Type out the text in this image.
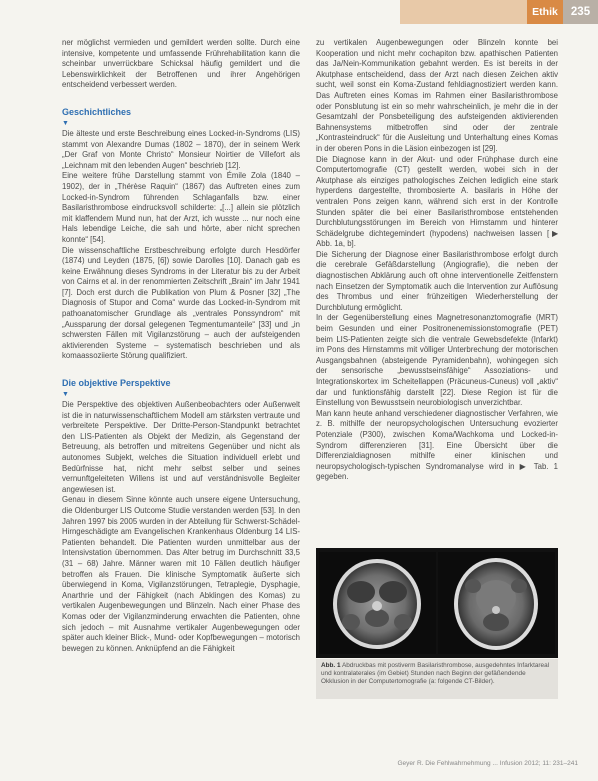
Ethik	235

ner möglichst vermieden und gemildert werden sollte. Durch eine intensive, kompetente und umfassende Frührehabilitation kann die scheinbar unverrückbare Schicksal häufig gemildert und die Lebenswirklichkeit der Betroffenen und ihrer Angehörigen entscheidend verbessert werden.

Geschichtliches
▼

Die älteste und erste Beschreibung eines Locked-in-Syndroms (LIS) stammt von Alexandre Dumas (1802 – 1870), der in seinem Werk „Der Graf von Monte Christo“ Monsieur Noirtier de Villefort als „Leichnam mit den lebenden Augen“ beschrieb [12].

Eine weitere frühe Darstellung stammt von Émile Zola (1840 – 1902), der in „Thérèse Raquin“ (1867) das Auftreten eines zum Locked-in-Syndrom führenden Schlaganfalls bzw. einer Basilaristhrombose eindrucksvoll schilderte: „[...] allein sie plötzlich mit klaffendem Mund nun, hat der Arzt, ich wusste ... nur noch eine Hals lebendige Leiche, die sah und hörte, aber nicht sprechen konnte“ [54].

Die wissenschaftliche Erstbeschreibung erfolgte durch Hesdörfer (1874) und Leyden (1875, [6]) sowie Darolles [10]. Danach gab es keine Erwähnung dieses Syndroms in der Literatur bis zu der Arbeit von Cairns et al. in der renommierten Zeitschrift „Brain“ im Jahr 1941 [7]. Doch erst durch die Publikation von Plum & Posner [32] „The Diagnosis of Stupor and Coma“ wurde das Locked-in-Syndrom mit pathoanatomischer Grundlage als „ventrales Ponssyndrom“ mit „Aussparung der dorsal gelegenen Tegmentumanteile“ [33] und „in schwersten Fällen mit Vigilanzstörung – auch der aufsteigenden aktivierenden Systeme – systematisch beschrieben und als komaassoziierte Störung qualifiziert.

Die objektive Perspektive
▼

Die Perspektive des objektiven Außenbeobachters oder Außenwelt ist die in naturwissenschaftlichem Modell am stärksten vertraute und verbreitete Perspektive. Der Dritte-Person-Standpunkt betrachtet den LIS-Patienten als Objekt der Medizin, als Gegenstand der Betreuung, als betroffen und mitreitens Gegenüber und nicht als autonomes Subjekt, welches die Situation individuell erlebt und Bedürfnisse hat, nicht mehr selbst selber und seines vernunftgeleiteten Willens ist und auf verständnisvolle Begleiter angewiesen ist.

Genau in diesem Sinne könnte auch unsere eigene Untersuchung, die Oldenburger LIS Outcome Studie verstanden werden [53]. In den Jahren 1997 bis 2005 wurden in der Abteilung für Schwerst-Schädel-Hirngeschädigte am Evangelischen Krankenhaus Oldenburg 14 LIS-Patienten behandelt. Die Patienten wurden unmittelbar aus der Intensivstation übernommen. Das Alter betrug im Durchschnitt 33,5 (31 – 68) Jahre. Männer waren mit 10 Fällen deutlich häufiger betroffen als Frauen. Die klinische Symptomatik äußerte sich überwiegend in Koma, Vigilanzstörungen, Tetraplegie, Dysphagie, Anarthrie und der Fähigkeit (nach Abklingen des Komas) zu vertikalen Augenbewegungen und Blinzeln. Nach einer Phase des Komas oder der Vigilanzminderung erwachten die Patienten, ohne sich jedoch – mit Ausnahme vertikaler Augenbewegungen oder später auch kleiner Blick-, Mund- oder Kopfbewegungen – motorisch bewegen zu können. Anknüpfend an die Fähigkeit

zu vertikalen Augenbewegungen oder Blinzeln konnte bei Kooperation und nicht mehr cochapiton bzw. apathischen Patienten das Ja/Nein-Kommunikation gebahnt werden. Es ist bereits in der Akutphase entscheidend, dass der Arzt nach diesen Zeichen aktiv sucht, weil sonst ein Koma-Zustand fehldiagnostiziert werden kann. Das Auftreten eines Komas im Rahmen einer Basilaristhrombose oder Ponsblutung ist ein so mehr wahrscheinlich, je mehr die in der Gesamtzahl der Ponsbeteiligung des aufsteigenden aktivierenden Bahnensystems mitbetroffen sind oder der zentrale „Kontrasteindruck“ für die Ausleitung und Unterhaltung eines Komas in der oberen Pons in die Läsion einbezogen ist [29].

Die Diagnose kann in der Akut- und oder Frühphase durch eine Computertomografie (CT) gestellt werden, wobei sich in der Akutphase als einziges pathologisches Zeichen lediglich eine stark hyperdens dargestellte, thrombosierte A. basilaris in Höhe der ventralen Pons zeigen kann, während sich erst in der Kontrolle Stunden später die bei einer Basilaristhrombose entstehenden Durchblutungsstörungen im Bereich von Hirnstamm und hinterer Schädelgrube dichtegemindert (hypodens) nachweisen lassen [▶ Abb. 1a, b].

Die Sicherung der Diagnose einer Basilaristhrombose erfolgt durch die cerebrale Gefäßdarstellung (Angiografie), die neben der diagnostischen Abklärung auch oft ohne interventionelle Zeitfenstern nach Einsetzen der Symptomatik auch die Intervention zur Auflösung des Thrombus und einer frühzeitigen Wiederherstellung der Durchblutung ermöglicht.

In der Gegenüberstellung eines Magnetresonanztomografie (MRT) beim Gesunden und einer Positronenemissionstomografie (PET) beim LIS-Patienten zeigte sich die ventrale Gewebsdefekte (Infarkt) im Pons des Hirnstamms mit völliger Unterbrechung der motorischen Ausgangsbahnen (absteigende Pyramidenbahn), wohingegen sich der sensorische „bewusstseinsfähige“ Assoziations- und Integrationskortex im Scheitellappen (Präcuneus-Cuneus) voll „aktiv“ dar und funktionsfähig darstellt [22]. Diese Region ist für die Einstellung von Bewusstsein neurobiologisch unverzichtbar.

Man kann heute anhand verschiedener diagnostischer Verfahren, wie z. B. mithilfe der neuropsychologischen Untersuchung evozierter Potenziale (P300), zwischen Koma/Wachkoma und Locked-in-Syndrom differenzieren [31]. Eine Übersicht über die Differenzialdiagnosen mithilfe einer klinischen und neuropsychologisch-typischen Syndromanalyse wird in ▶ Tab. 1 gegeben.

Abb. 1 Abdruckbas mit postiverm Basilaristhrombose, ausgedehntes Infarktareal und kontralaterales (im Gebiet) Stunden nach Beginn der gefäßendende Okklusion in der Computertomografie (a: folgende CT-Bilder).
Geyer R. Die Fehlwahrnehmung ... Infusion 2012; 11: 231–241
